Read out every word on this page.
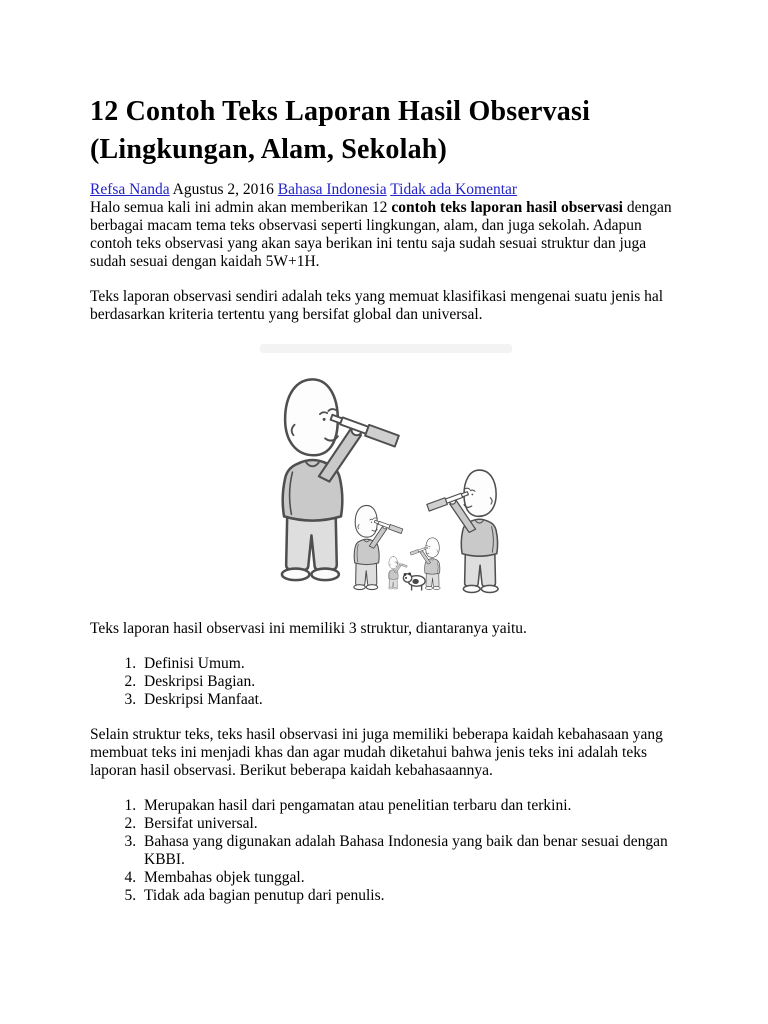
12 Contoh Teks Laporan Hasil Observasi
(Lingkungan, Alam, Sekolah)
Refsa Nanda Agustus 2, 2016 Bahasa Indonesia Tidak ada Komentar

Halo semua kali ini admin akan memberikan 12 contoh teks laporan hasil observasi dengan berbagai macam tema teks observasi seperti lingkungan, alam, dan juga sekolah. Adapun contoh teks observasi yang akan saya berikan ini tentu saja sudah sesuai struktur dan juga sudah sesuai dengan kaidah 5W+1H.

Teks laporan observasi sendiri adalah teks yang memuat klasifikasi mengenai suatu jenis hal berdasarkan kriteria tertentu yang bersifat global dan universal.

Teks laporan hasil observasi ini memiliki 3 struktur, diantaranya yaitu.

1. Definisi Umum.
2. Deskripsi Bagian.
3. Deskripsi Manfaat.

Selain struktur teks, teks hasil observasi ini juga memiliki beberapa kaidah kebahasaan yang membuat teks ini menjadi khas dan agar mudah diketahui bahwa jenis teks ini adalah teks laporan hasil observasi. Berikut beberapa kaidah kebahasaannya.

1. Merupakan hasil dari pengamatan atau penelitian terbaru dan terkini.
2. Bersifat universal.
3. Bahasa yang digunakan adalah Bahasa Indonesia yang baik dan benar sesuai dengan KBBI.
4. Membahas objek tunggal.
5. Tidak ada bagian penutup dari penulis.
